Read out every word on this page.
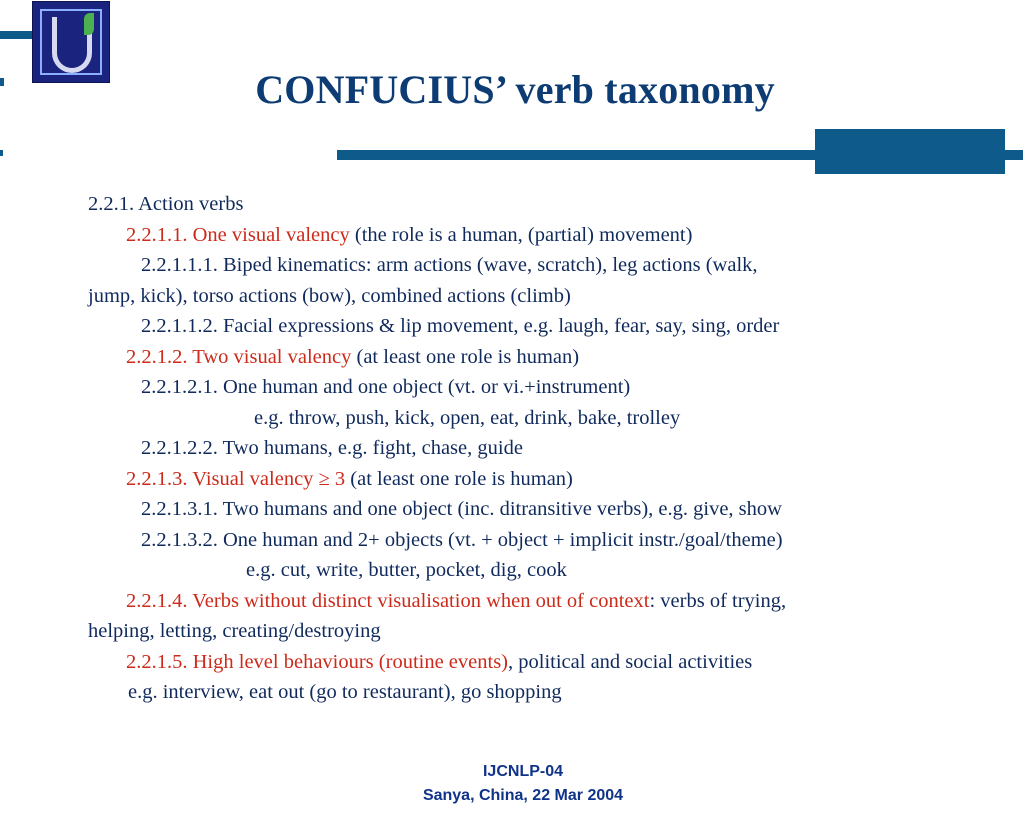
CONFUCIUS’ verb taxonomy
2.2.1. Action verbs
2.2.1.1. One visual valency (the role is a human, (partial) movement)
2.2.1.1.1. Biped kinematics: arm actions (wave, scratch), leg actions (walk,
jump, kick), torso actions (bow), combined actions (climb)
2.2.1.1.2. Facial expressions & lip movement, e.g. laugh, fear, say, sing, order
2.2.1.2. Two visual valency (at least one role is human)
2.2.1.2.1. One human and one object (vt. or vi.+instrument)
e.g. throw, push, kick, open, eat, drink, bake, trolley
2.2.1.2.2. Two humans, e.g. fight, chase, guide
2.2.1.3. Visual valency ≥ 3 (at least one role is human)
2.2.1.3.1. Two humans and one object (inc. ditransitive verbs), e.g. give, show
2.2.1.3.2. One human and 2+ objects (vt. + object + implicit instr./goal/theme)
e.g. cut, write, butter, pocket, dig, cook
2.2.1.4. Verbs without distinct visualisation when out of context: verbs of trying,
helping, letting, creating/destroying
2.2.1.5. High level behaviours (routine events), political and social activities
e.g. interview, eat out (go to restaurant), go shopping
IJCNLP-04
Sanya, China, 22 Mar 2004
